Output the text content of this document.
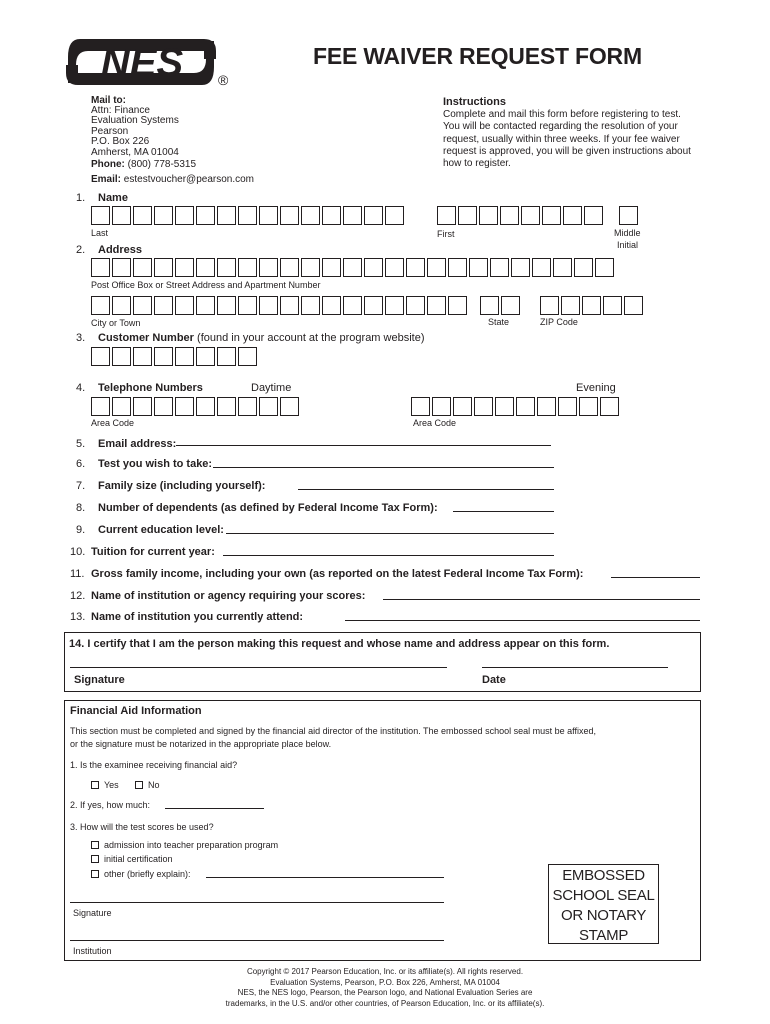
NES ®
FEE WAIVER REQUEST FORM
Mail to:
Attn: Finance
Evaluation Systems
Pearson
P.O. Box 226
Amherst, MA 01004
Phone: (800) 778-5315
Email: estestvoucher@pearson.com
Instructions
Complete and mail this form before registering to test.
You will be contacted regarding the resolution of your
request, usually within three weeks. If your fee waiver
request is approved, you will be given instructions about
how to register.
1. Name
Last	First	Middle
Initial
2. Address
Post Office Box or Street Address and Apartment Number
City or Town	State	ZIP Code
3. Customer Number (found in your account at the program website)
4. Telephone Numbers	Daytime	Evening
Area Code	Area Code
5. Email address:
6. Test you wish to take:
7. Family size (including yourself):
8. Number of dependents (as defined by Federal Income Tax Form):
9. Current education level:
10. Tuition for current year:
11. Gross family income, including your own (as reported on the latest Federal Income Tax Form):
12. Name of institution or agency requiring your scores:
13. Name of institution you currently attend:
14. I certify that I am the person making this request and whose name and address appear on this form.
Signature	Date
Financial Aid Information
This section must be completed and signed by the financial aid director of the institution. The embossed school seal must be affixed,
or the signature must be notarized in the appropriate place below.
1. Is the examinee receiving financial aid?
Yes	No
2. If yes, how much:
3. How will the test scores be used?
admission into teacher preparation program
initial certification
other (briefly explain):
Signature
Institution
EMBOSSED
SCHOOL SEAL
OR NOTARY
STAMP
Copyright © 2017 Pearson Education, Inc. or its affiliate(s). All rights reserved.
Evaluation Systems, Pearson, P.O. Box 226, Amherst, MA 01004
NES, the NES logo, Pearson, the Pearson logo, and National Evaluation Series are
trademarks, in the U.S. and/or other countries, of Pearson Education, Inc. or its affiliate(s).
